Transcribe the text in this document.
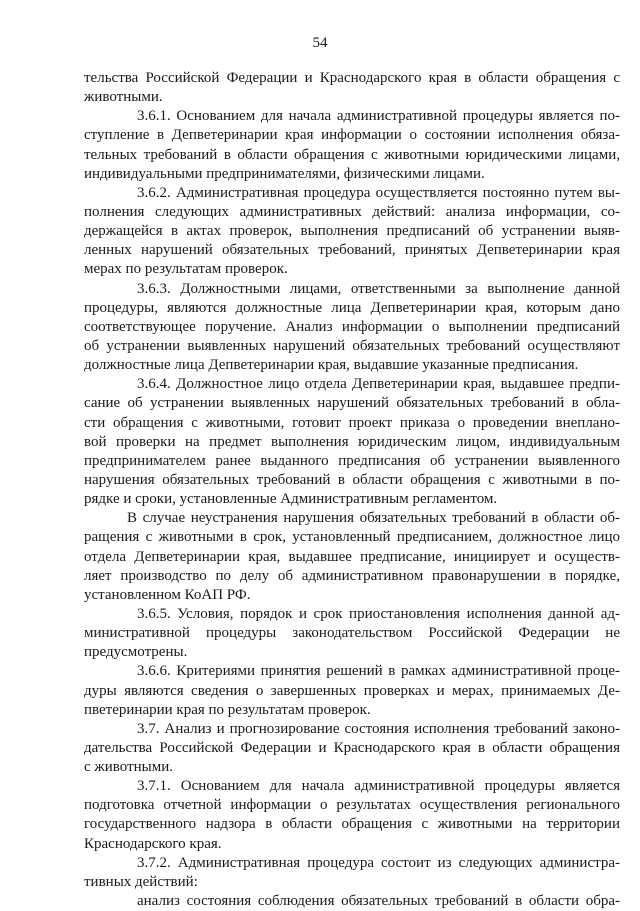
54
тельства Российской Федерации и Краснодарского края в области обращения с
животными.
3.6.1. Основанием для начала административной процедуры является по-
ступление в Депветеринарии края информации о состоянии исполнения обяза-
тельных требований в области обращения с животными юридическими лицами,
индивидуальными предпринимателями, физическими лицами.
3.6.2. Административная процедура осуществляется постоянно путем вы-
полнения следующих административных действий: анализа информации, со-
держащейся в актах проверок, выполнения предписаний об устранении выяв-
ленных нарушений обязательных требований, принятых Депветеринарии края
мерах по результатам проверок.
3.6.3. Должностными лицами, ответственными за выполнение данной
процедуры, являются должностные лица Депветеринарии края, которым дано
соответствующее поручение. Анализ информации о выполнении предписаний
об устранении выявленных нарушений обязательных требований осуществляют
должностные лица Депветеринарии края, выдавшие указанные предписания.
3.6.4. Должностное лицо отдела Депветеринарии края, выдавшее предпи-
сание об устранении выявленных нарушений обязательных требований в обла-
сти обращения с животными, готовит проект приказа о проведении внеплано-
вой проверки на предмет выполнения юридическим лицом, индивидуальным
предпринимателем ранее выданного предписания об устранении выявленного
нарушения обязательных требований в области обращения с животными в по-
рядке и сроки, установленные Административным регламентом.
В случае неустранения нарушения обязательных требований в области об-
ращения с животными в срок, установленный предписанием, должностное лицо
отдела Депветеринарии края, выдавшее предписание, инициирует и осуществ-
ляет производство по делу об административном правонарушении в порядке,
установленном КоАП РФ.
3.6.5. Условия, порядок и срок приостановления исполнения данной ад-
министративной процедуры законодательством Российской Федерации не
предусмотрены.
3.6.6. Критериями принятия решений в рамках административной проце-
дуры являются сведения о завершенных проверках и мерах, принимаемых Де-
пветеринарии края по результатам проверок.
3.7. Анализ и прогнозирование состояния исполнения требований законо-
дательства Российской Федерации и Краснодарского края в области обращения
с животными.
3.7.1. Основанием для начала административной процедуры является
подготовка отчетной информации о результатах осуществления регионального
государственного надзора в области обращения с животными на территории
Краснодарского края.
3.7.2. Административная процедура состоит из следующих администра-
тивных действий:
анализ состояния соблюдения обязательных требований в области обра-
